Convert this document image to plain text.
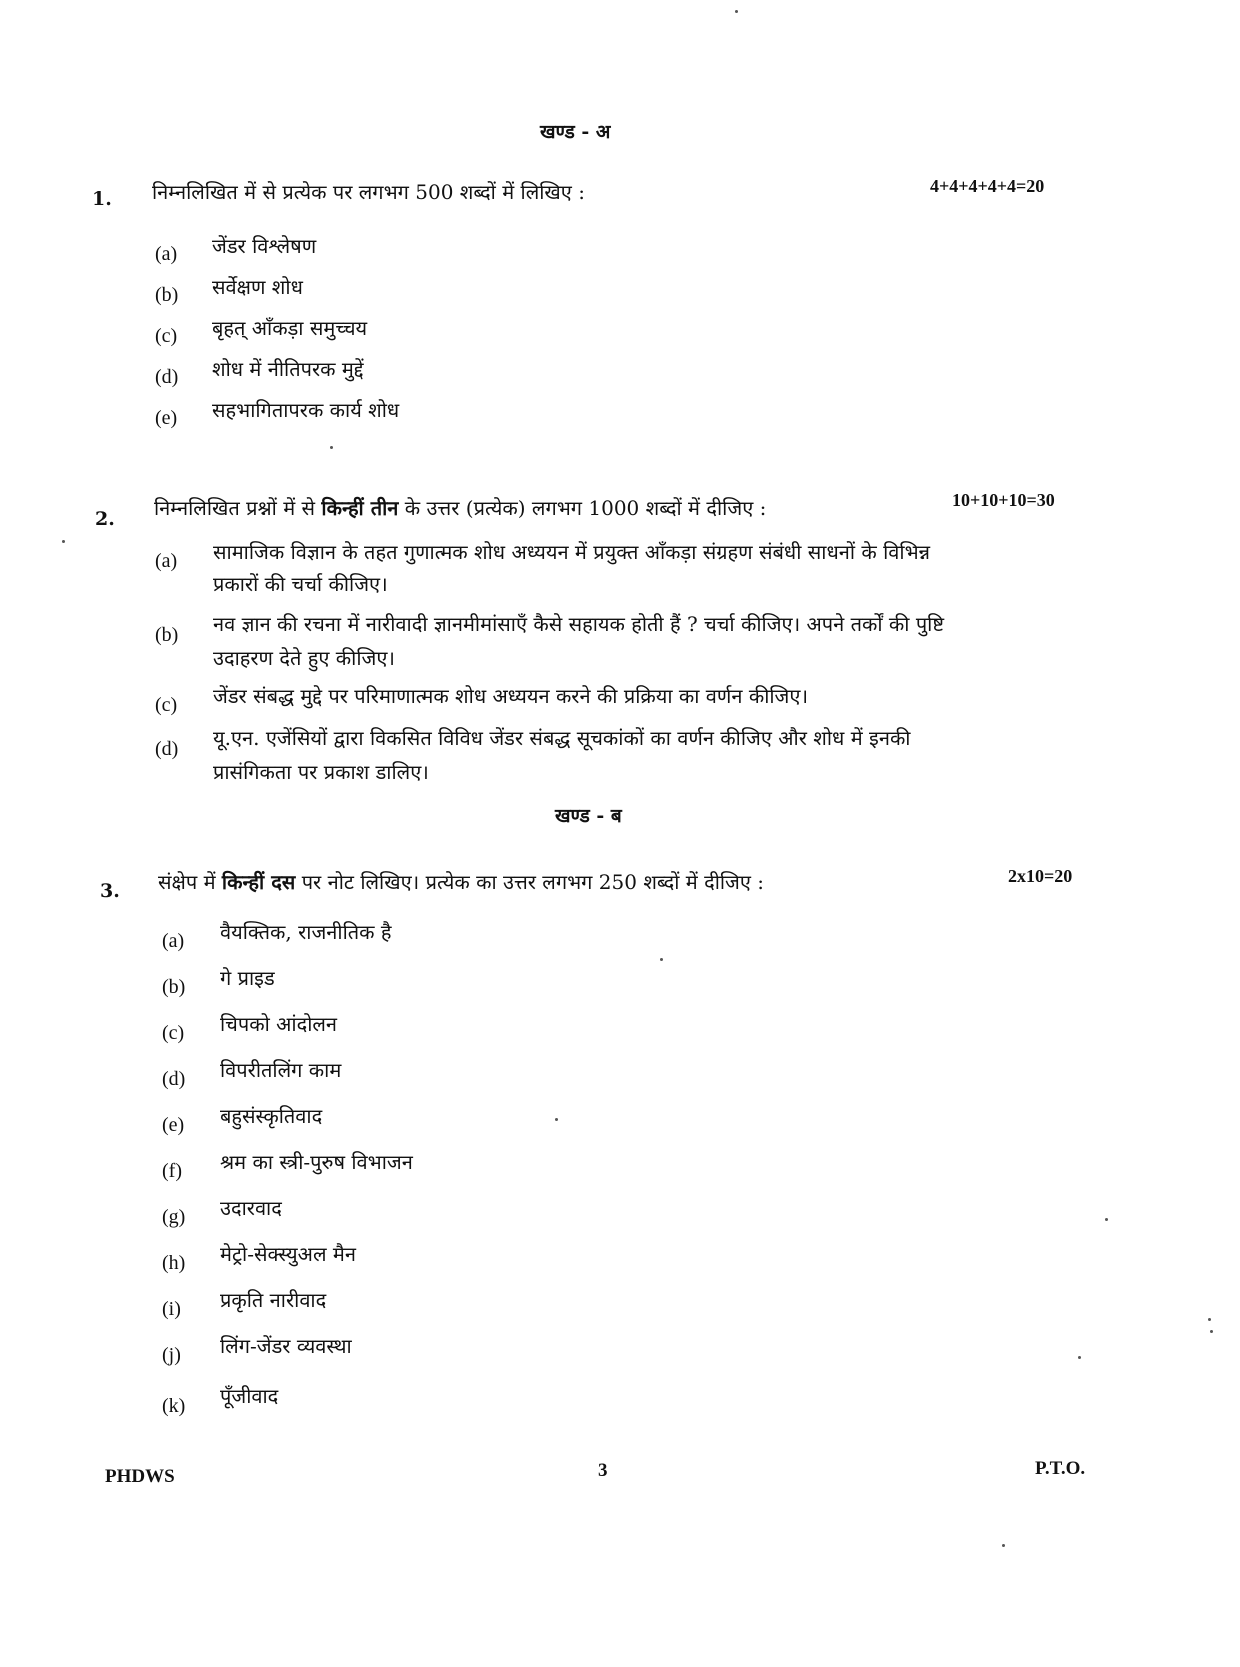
खण्ड - अ
1. निम्नलिखित में से प्रत्येक पर लगभग 500 शब्दों में लिखिए :	4+4+4+4+4=20
(a) जेंडर विश्लेषण
(b) सर्वेक्षण शोध
(c) बृहत् आँकड़ा समुच्चय
(d) शोध में नीतिपरक मुद्दें
(e) सहभागितापरक कार्य शोध
2. निम्नलिखित प्रश्नों में से किन्हीं तीन के उत्तर (प्रत्येक) लगभग 1000 शब्दों में दीजिए :	10+10+10=30
(a) सामाजिक विज्ञान के तहत गुणात्मक शोध अध्ययन में प्रयुक्त आँकड़ा संग्रहण संबंधी साधनों के विभिन्न
प्रकारों की चर्चा कीजिए।
(b) नव ज्ञान की रचना में नारीवादी ज्ञानमीमांसाएँ कैसे सहायक होती हैं ? चर्चा कीजिए। अपने तर्कों की पुष्टि
उदाहरण देते हुए कीजिए।
(c) जेंडर संबद्ध मुद्दे पर परिमाणात्मक शोध अध्ययन करने की प्रक्रिया का वर्णन कीजिए।
(d) यू.एन. एजेंसियों द्वारा विकसित विविध जेंडर संबद्ध सूचकांकों का वर्णन कीजिए और शोध में इनकी
प्रासंगिकता पर प्रकाश डालिए।
खण्ड - ब
3. संक्षेप में किन्हीं दस पर नोट लिखिए। प्रत्येक का उत्तर लगभग 250 शब्दों में दीजिए :	2x10=20
(a) वैयक्तिक, राजनीतिक है
(b) गे प्राइड
(c) चिपको आंदोलन
(d) विपरीतलिंग काम
(e) बहुसंस्कृतिवाद
(f) श्रम का स्त्री-पुरुष विभाजन
(g) उदारवाद
(h) मेट्रो-सेक्स्युअल मैन
(i) प्रकृति नारीवाद
(j) लिंग-जेंडर व्यवस्था
(k) पूँजीवाद
PHDWS	3	P.T.O.
